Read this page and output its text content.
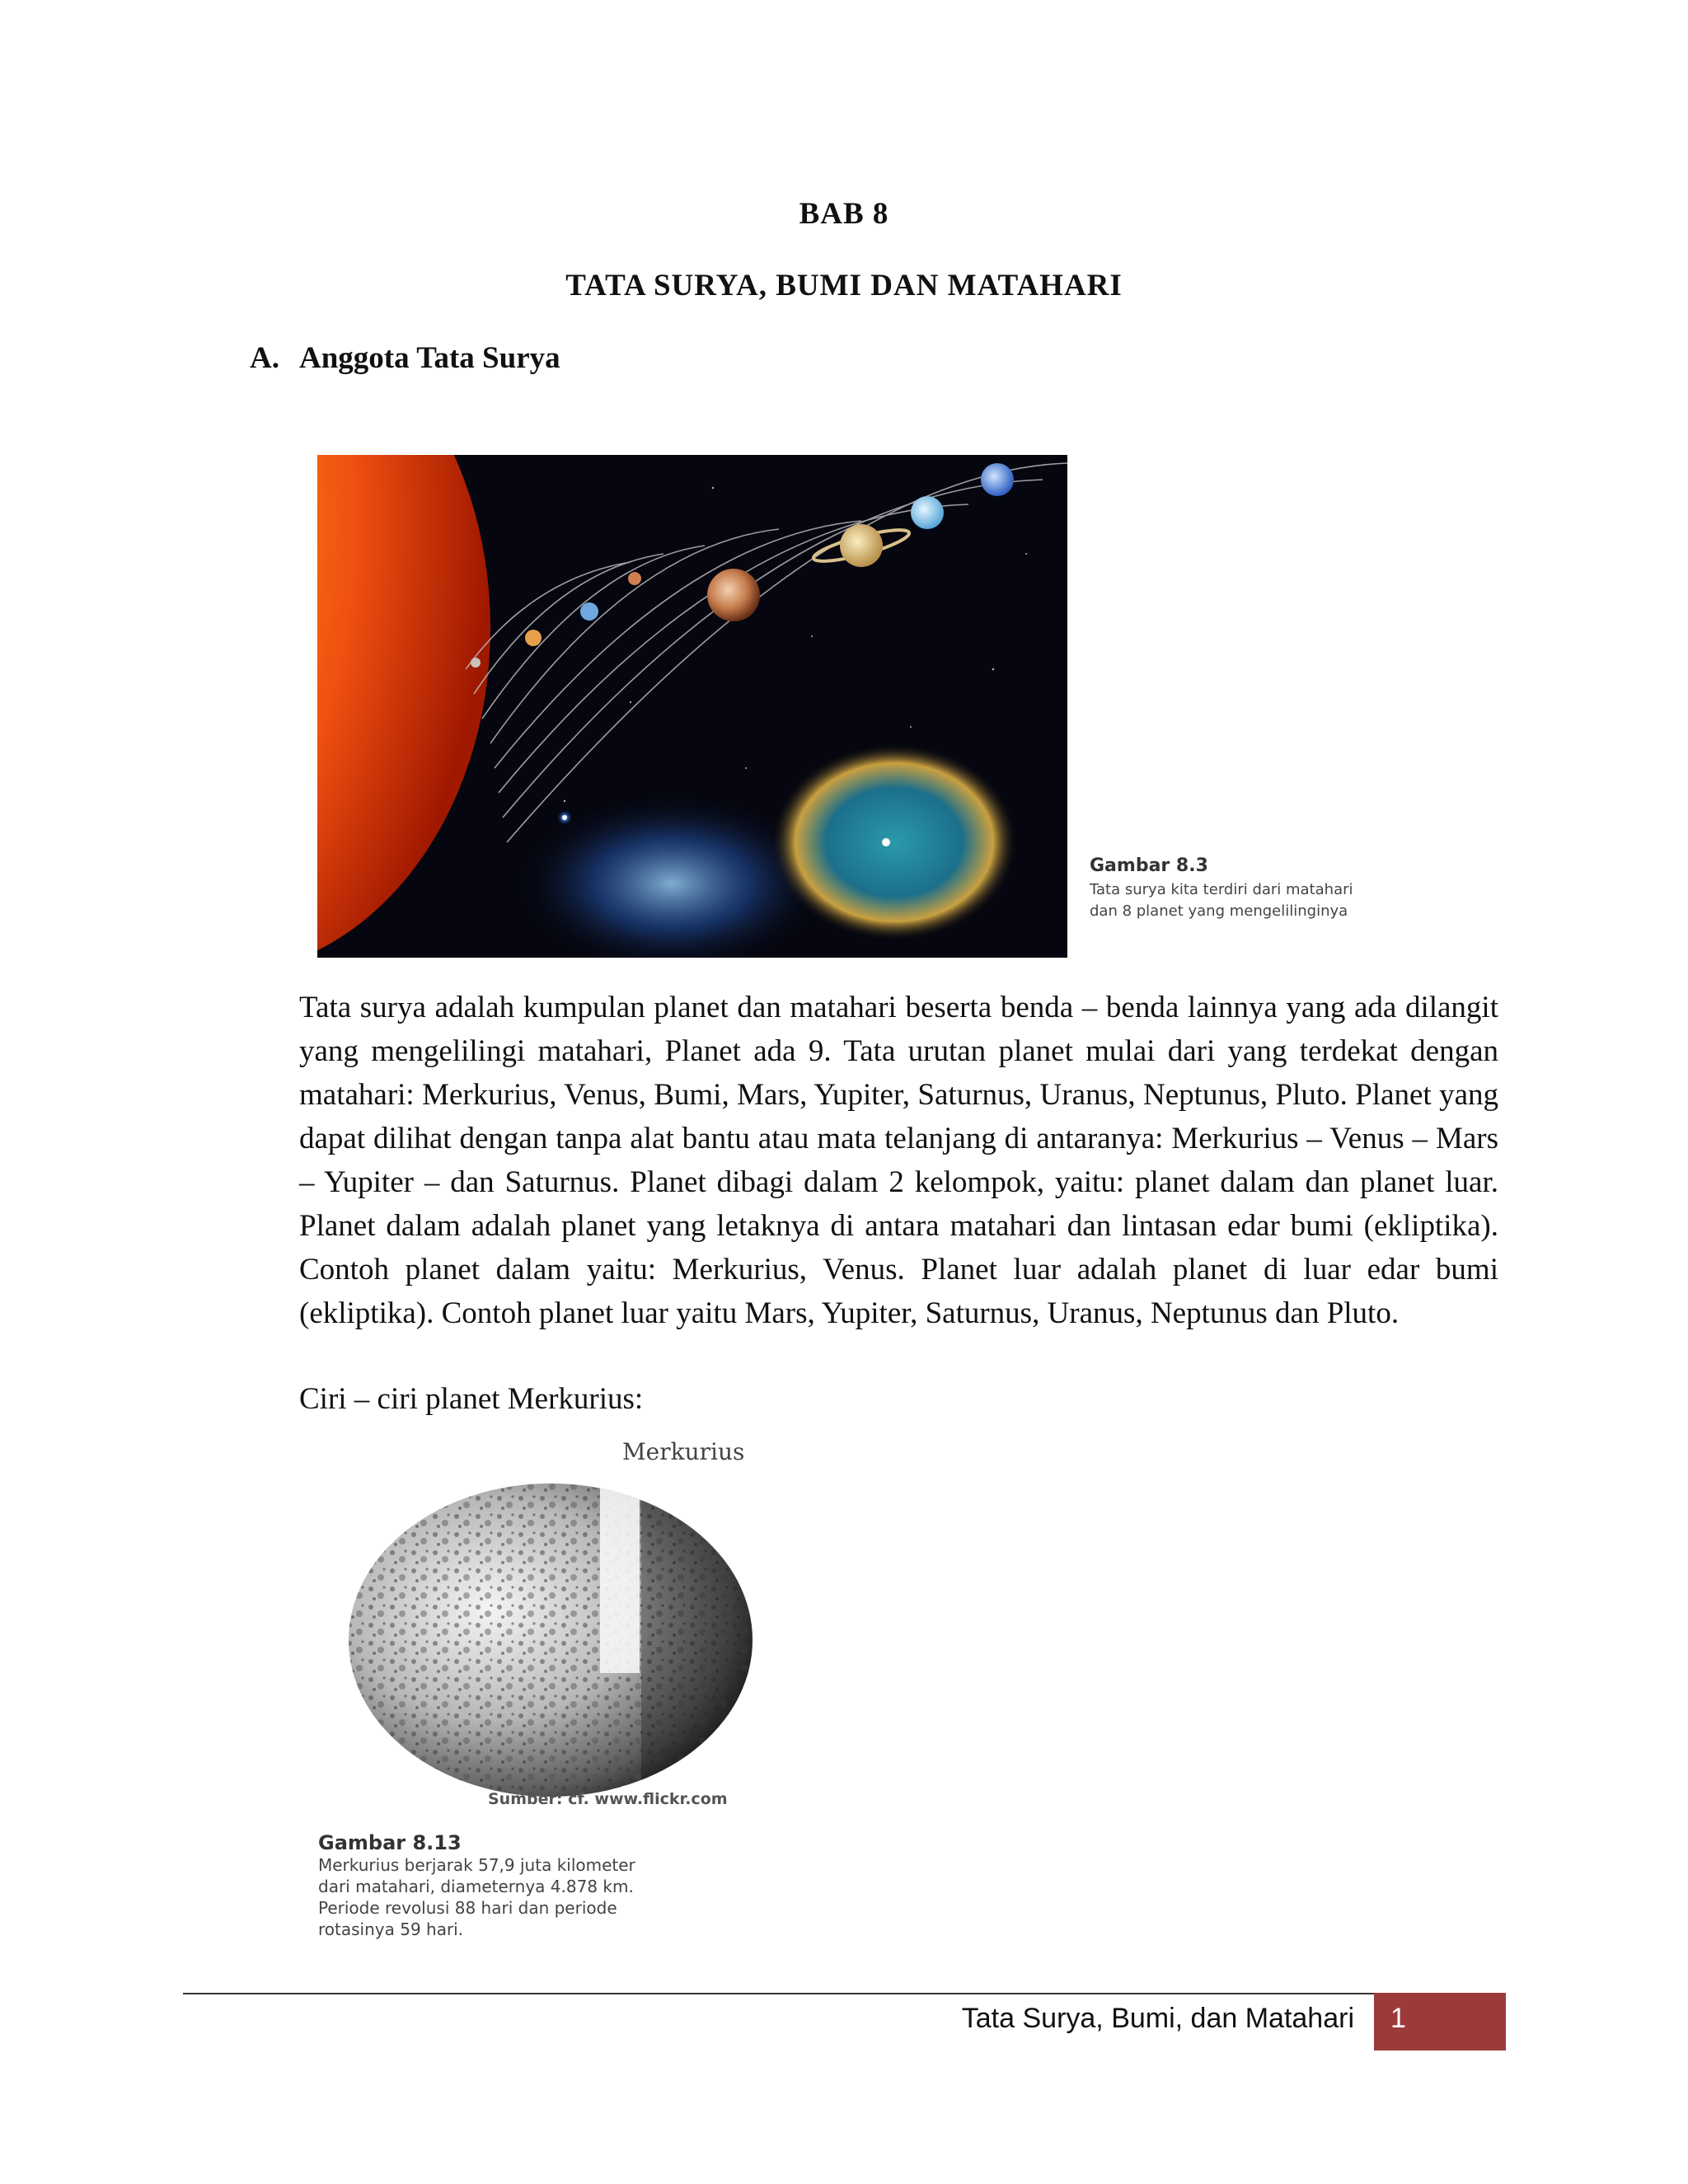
BAB 8
TATA SURYA, BUMI DAN MATAHARI
A. Anggota Tata Surya
Gambar 8.3
Tata surya kita terdiri dari matahari
dan 8 planet yang mengelilinginya
Tata surya adalah kumpulan planet dan matahari beserta benda – benda lainnya yang ada dilangit yang mengelilingi matahari, Planet ada 9. Tata urutan planet mulai dari yang terdekat dengan matahari: Merkurius, Venus, Bumi, Mars, Yupiter, Saturnus, Uranus, Neptunus, Pluto. Planet yang dapat dilihat dengan tanpa alat bantu atau mata telanjang di antaranya: Merkurius – Venus – Mars – Yupiter – dan Saturnus. Planet dibagi dalam 2 kelompok, yaitu: planet dalam dan planet luar. Planet dalam adalah planet yang letaknya di antara matahari dan lintasan edar bumi (ekliptika). Contoh planet dalam yaitu: Merkurius, Venus. Planet luar adalah planet di luar edar bumi (ekliptika). Contoh planet luar yaitu Mars, Yupiter, Saturnus, Uranus, Neptunus dan Pluto.
Ciri – ciri planet Merkurius:
Merkurius
Sumber: cf. www.flickr.com
Gambar 8.13
Merkurius berjarak 57,9 juta kilometer
dari matahari, diameternya 4.878 km.
Periode revolusi 88 hari dan periode
rotasinya 59 hari.
Tata Surya, Bumi, dan Matahari	1
